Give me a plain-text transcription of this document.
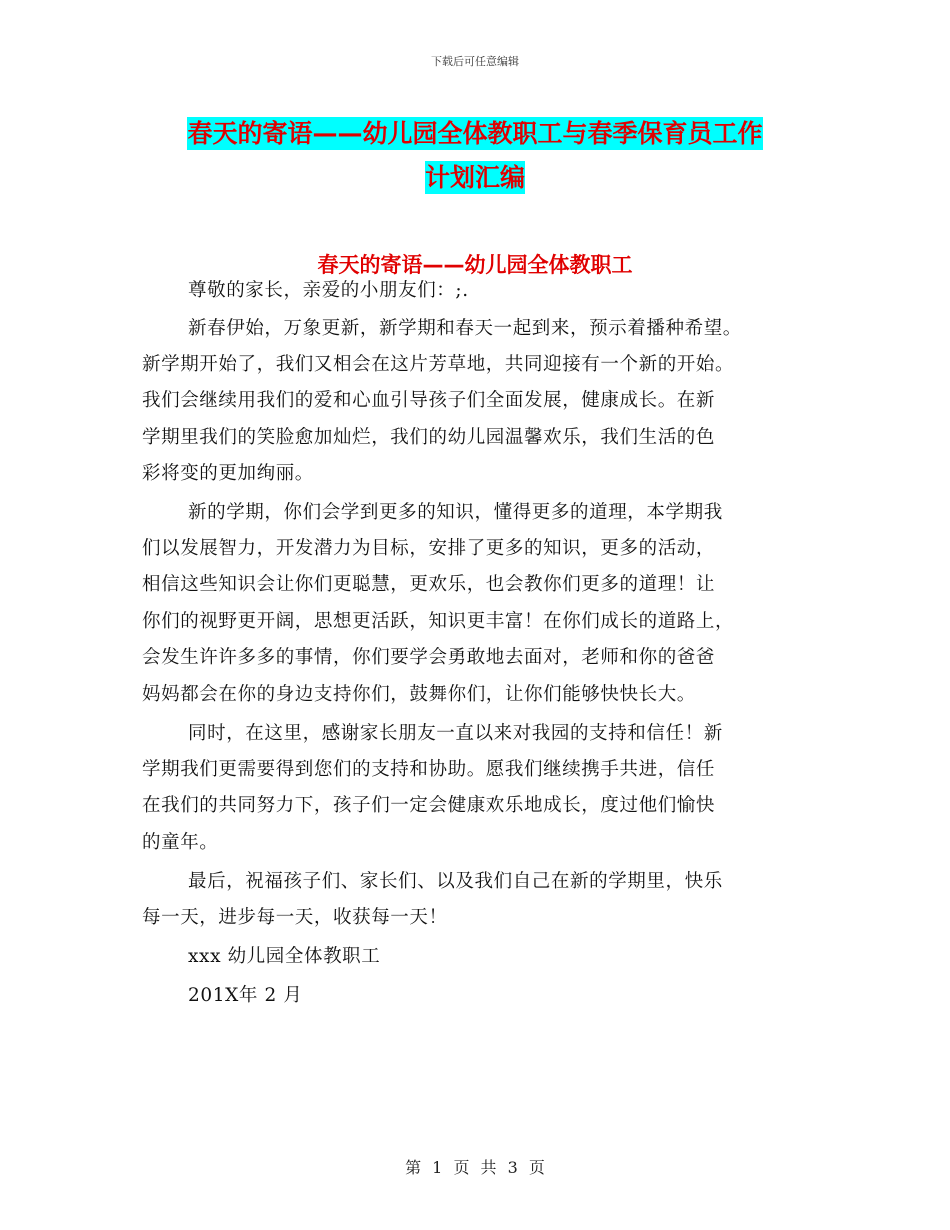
下载后可任意编辑
春天的寄语——幼儿园全体教职工与春季保育员工作
计划汇编
春天的寄语——幼儿园全体教职工
尊敬的家长，亲爱的小朋友们：;.
新春伊始，万象更新，新学期和春天一起到来，预示着播种希望。
新学期开始了，我们又相会在这片芳草地，共同迎接有一个新的开始。
我们会继续用我们的爱和心血引导孩子们全面发展，健康成长。在新
学期里我们的笑脸愈加灿烂，我们的幼儿园温馨欢乐，我们生活的色
彩将变的更加绚丽。
新的学期，你们会学到更多的知识，懂得更多的道理，本学期我
们以发展智力，开发潜力为目标，安排了更多的知识，更多的活动，
相信这些知识会让你们更聪慧，更欢乐，也会教你们更多的道理！让
你们的视野更开阔，思想更活跃，知识更丰富！在你们成长的道路上，
会发生许许多多的事情，你们要学会勇敢地去面对，老师和你的爸爸
妈妈都会在你的身边支持你们，鼓舞你们，让你们能够快快长大。
同时，在这里，感谢家长朋友一直以来对我园的支持和信任！新
学期我们更需要得到您们的支持和协助。愿我们继续携手共进，信任
在我们的共同努力下，孩子们一定会健康欢乐地成长，度过他们愉快
的童年。
最后，祝福孩子们、家长们、以及我们自己在新的学期里，快乐
每一天，进步每一天，收获每一天！
xxx 幼儿园全体教职工
201X年 2 月
第 1 页 共 3 页
